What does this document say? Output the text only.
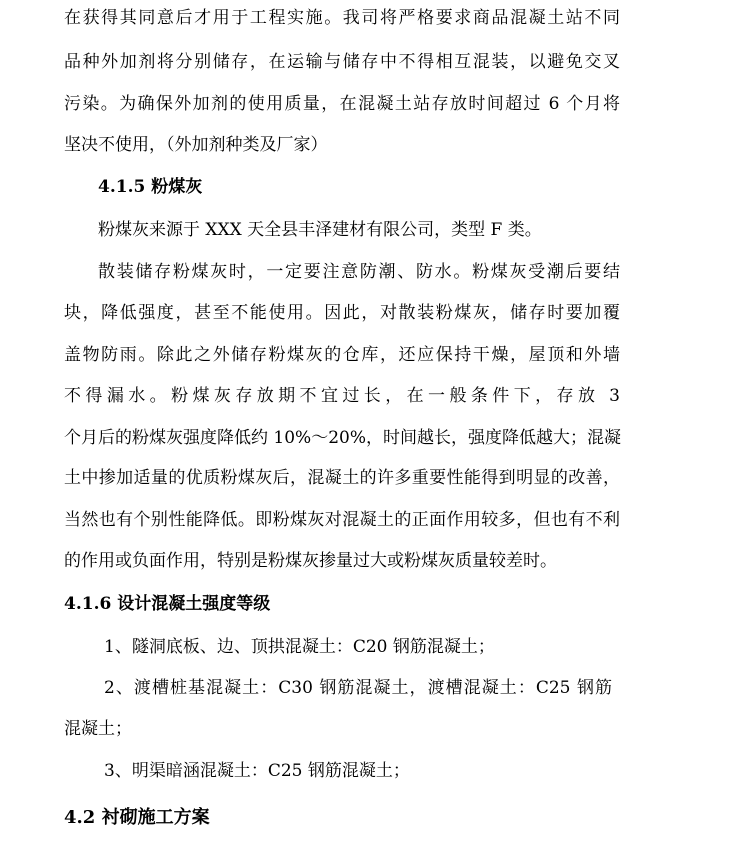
在获得其同意后才用于工程实施。我司将严格要求商品混凝土站不同
品种外加剂将分别储存，在运输与储存中不得相互混装，以避免交叉
污染。为确保外加剂的使用质量，在混凝土站存放时间超过 6 个月将
坚决不使用，（外加剂种类及厂家）
4.1.5 粉煤灰
粉煤灰来源于 XXX 天全县丰泽建材有限公司，类型 F 类。
散装储存粉煤灰时，一定要注意防潮、防水。粉煤灰受潮后要结
块，降低强度，甚至不能使用。因此，对散装粉煤灰，储存时要加覆
盖物防雨。除此之外储存粉煤灰的仓库，还应保持干燥，屋顶和外墙
不得漏水。粉煤灰存放期不宜过长，在一般条件下，存放 3
个月后的粉煤灰强度降低约 10%～20%，时间越长，强度降低越大；混凝
土中掺加适量的优质粉煤灰后，混凝土的许多重要性能得到明显的改善，
当然也有个别性能降低。即粉煤灰对混凝土的正面作用较多，但也有不利
的作用或负面作用，特别是粉煤灰掺量过大或粉煤灰质量较差时。
4.1.6 设计混凝土强度等级
1、隧洞底板、边、顶拱混凝土：C20 钢筋混凝土；
2、渡槽桩基混凝土：C30 钢筋混凝土，渡槽混凝土：C25 钢筋
混凝土；
3、明渠暗涵混凝土：C25 钢筋混凝土；
4.2 衬砌施工方案
